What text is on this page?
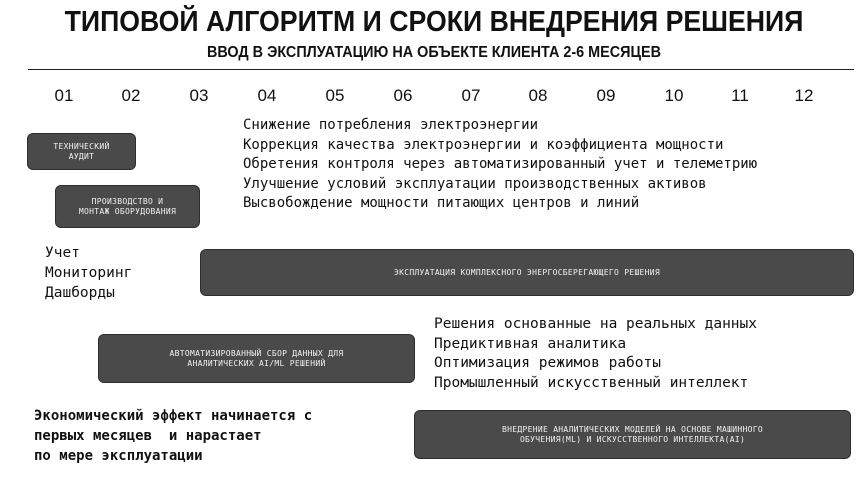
ТИПОВОЙ АЛГОРИТМ И СРОКИ ВНЕДРЕНИЯ РЕШЕНИЯ
ВВОД В ЭКСПЛУАТАЦИЮ НА ОБЪЕКТЕ КЛИЕНТА 2-6 МЕСЯЦЕВ
01	02	03	04	05	06	07	08	09	10	11	12
ТЕХНИЧЕСКИЙ
АУДИТ
ПРОИЗВОДСТВО И
МОНТАЖ ОБОРУДОВАНИЯ
ЭКСПЛУАТАЦИЯ КОМПЛЕКСНОГО ЭНЕРГОСБЕРЕГАЮЩЕГО РЕШЕНИЯ
АВТОМАТИЗИРОВАННЫЙ СБОР ДАННЫХ ДЛЯ
АНАЛИТИЧЕСКИХ AI/ML РЕШЕНИЙ
ВНЕДРЕНИЕ АНАЛИТИЧЕСКИХ МОДЕЛЕЙ НА ОСНОВЕ МАШИННОГО
ОБУЧЕНИЯ(ML) И ИСКУССТВЕННОГО ИНТЕЛЛЕКТА(AI)
Снижение потребления электроэнергии
Коррекция качества электроэнергии и коэффициента мощности
Обретения контроля через автоматизированный учет и телеметрию
Улучшение условий эксплуатации производственных активов
Высвобождение мощности питающих центров и линий
Учет
Мониторинг
Дашборды
Решения основанные на реальных данных
Предиктивная аналитика
Оптимизация режимов работы
Промышленный искусственный интеллект
Экономический эффект начинается с
первых месяцев  и нарастает
по мере эксплуатации
